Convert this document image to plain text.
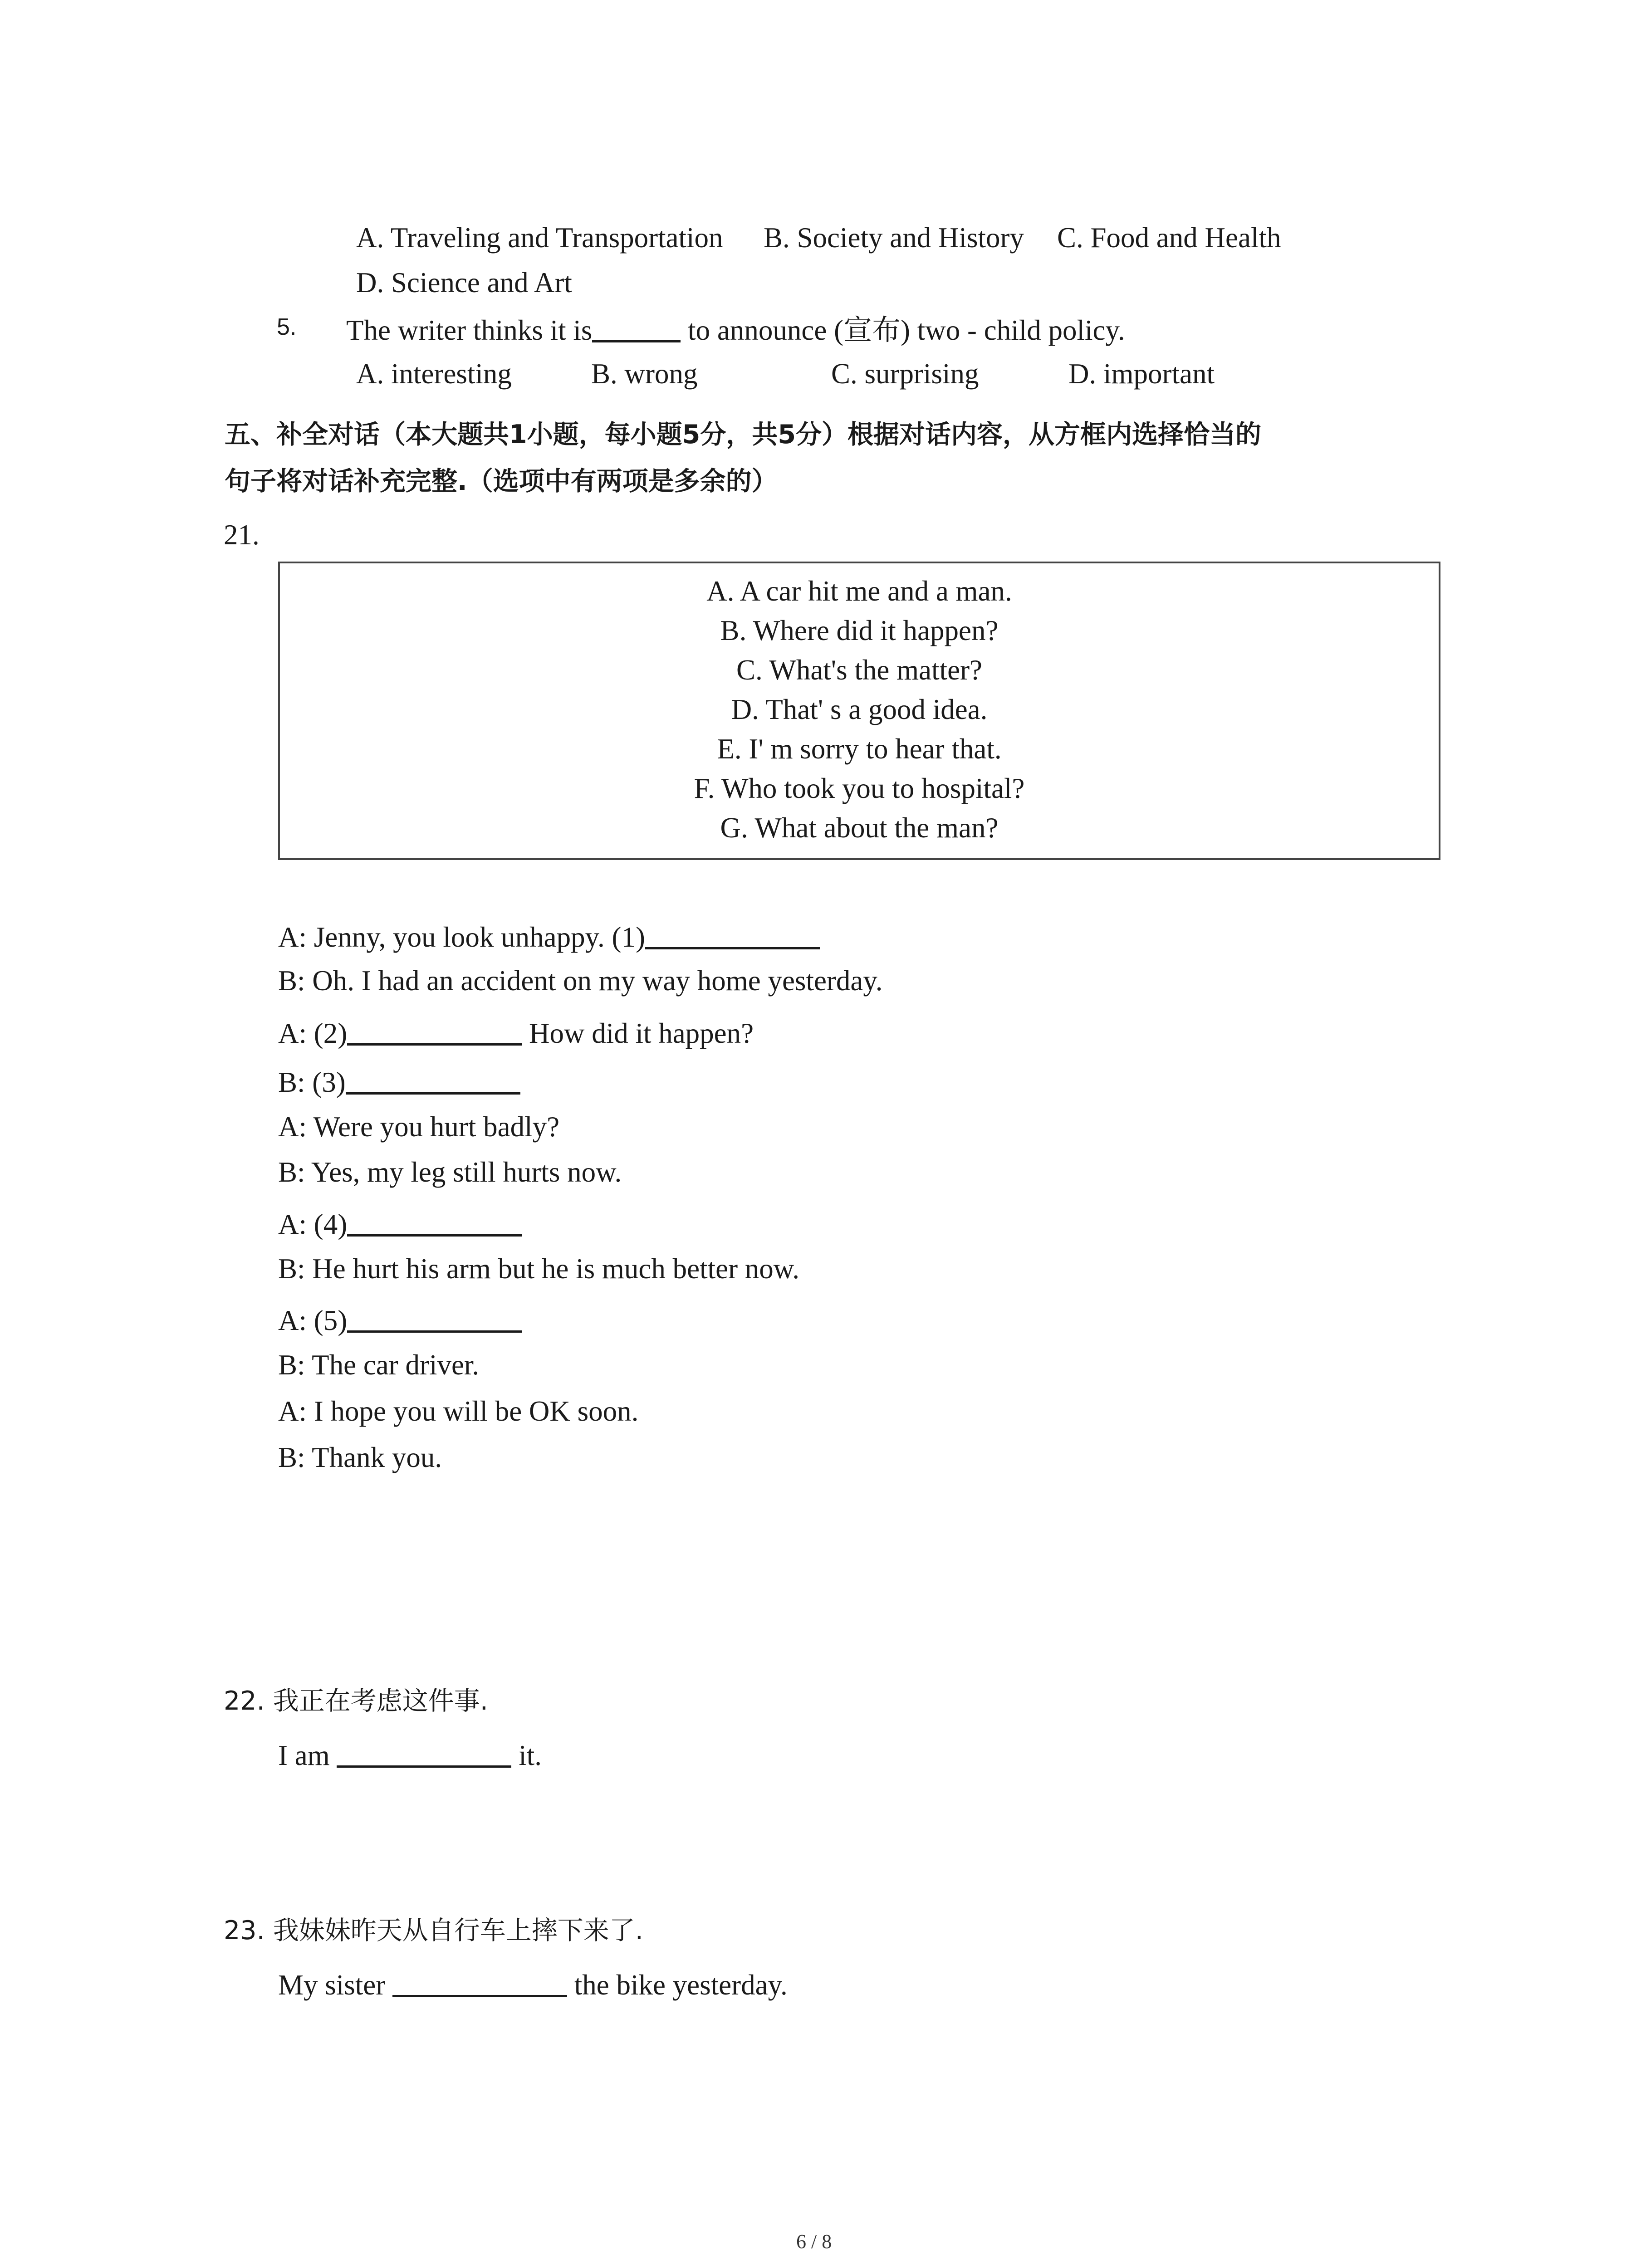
A. Traveling and Transportation B. Society and History C. Food and Health
D. Science and Art
5. The writer thinks it is	to announce (宣布) two - child policy.
A. interesting	B. wrong	C. surprising	D. important
五、补全对话（本大题共1小题，每小题5分，共5分）根据对话内容，从方框内选择恰当的
句子将对话补充完整.（选项中有两项是多余的）
21.
A. A car hit me and a man.
B. Where did it happen?
C. What's the matter?
D. That' s a good idea.
E. I' m sorry to hear that.
F. Who took you to hospital?
G. What about the man?
A: Jenny, you look unhappy. (1)
B: Oh. I had an accident on my way home yesterday.
A: (2)	How did it happen?
B: (3)
A: Were you hurt badly?
B: Yes, my leg still hurts now.
A: (4)
B: He hurt his arm but he is much better now.
A: (5)
B: The car driver.
A: I hope you will be OK soon.
B: Thank you.
22. 我正在考虑这件事.
I am	it.
23. 我妹妹昨天从自行车上摔下来了.
My sister	the bike yesterday.
6 / 8
